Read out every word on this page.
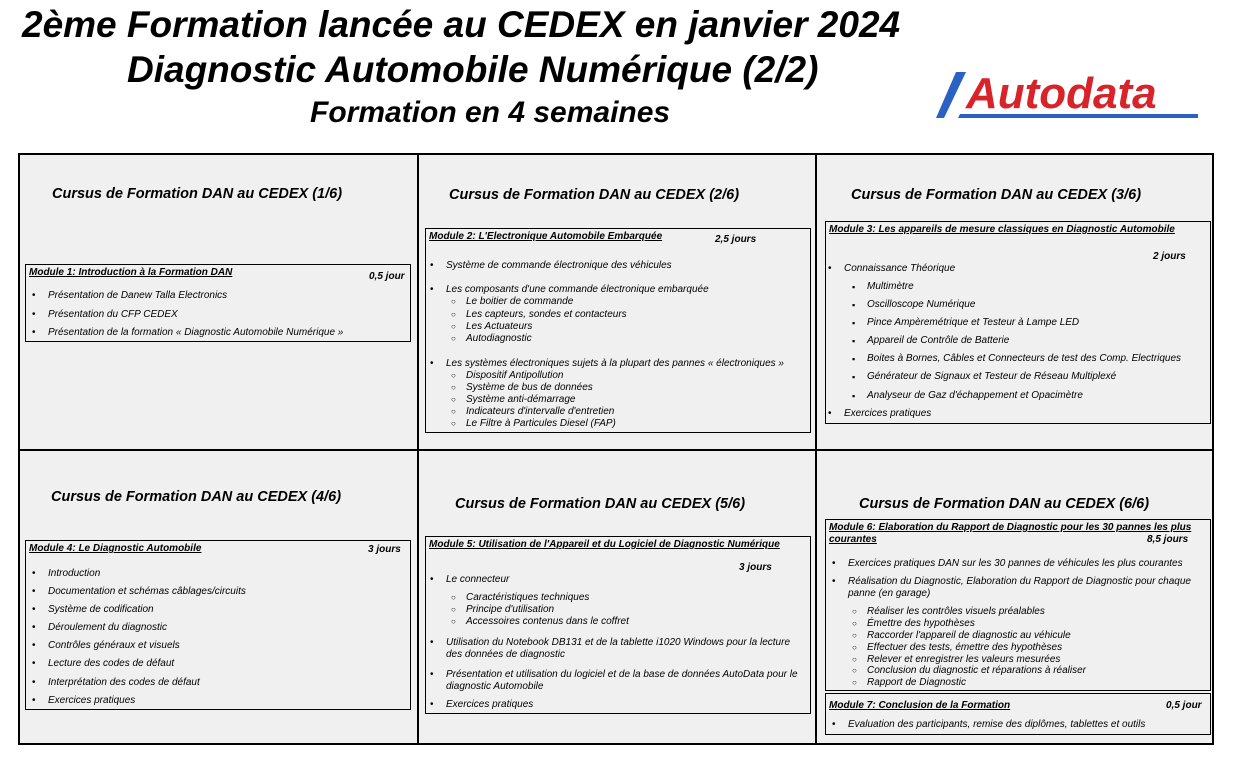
2ème Formation lancée au CEDEX en janvier 2024
Diagnostic Automobile Numérique (2/2)
Formation en 4 semaines	Autodata
Cursus de Formation DAN au CEDEX (1/6)
Module 1: Introduction à la Formation DAN	0,5 jour
• Présentation de Danew Talla Electronics
• Présentation du CFP CEDEX
• Présentation de la formation « Diagnostic Automobile Numérique »
Cursus de Formation DAN au CEDEX (2/6)
Module 2: L'Electronique Automobile Embarquée	2,5 jours
• Système de commande électronique des véhicules
• Les composants d'une commande électronique embarquée
○ Le boitier de commande
○ Les capteurs, sondes et contacteurs
○ Les Actuateurs
○ Autodiagnostic
• Les systèmes électroniques sujets à la plupart des pannes « électroniques »
○ Dispositif Antipollution
○ Système de bus de données
○ Système anti-démarrage
○ Indicateurs d'intervalle d'entretien
○ Le Filtre à Particules Diesel (FAP)
Cursus de Formation DAN au CEDEX (3/6)
Module 3: Les appareils de mesure classiques en Diagnostic Automobile
2 jours
• Connaissance Théorique
▪ Multimètre
▪ Oscilloscope Numérique
▪ Pince Ampèremétrique et Testeur à Lampe LED
▪ Appareil de Contrôle de Batterie
▪ Boites à Bornes, Câbles et Connecteurs de test des Comp. Electriques
▪ Générateur de Signaux et Testeur de Réseau Multiplexé
▪ Analyseur de Gaz d'échappement et Opacimètre
• Exercices pratiques
Cursus de Formation DAN au CEDEX (4/6)
Module 4: Le Diagnostic Automobile	3 jours
• Introduction
• Documentation et schémas câblages/circuits
• Système de codification
• Déroulement du diagnostic
• Contrôles généraux et visuels
• Lecture des codes de défaut
• Interprétation des codes de défaut
• Exercices pratiques
Cursus de Formation DAN au CEDEX (5/6)
Module 5: Utilisation de l'Appareil et du Logiciel de Diagnostic Numérique
3 jours
• Le connecteur
○ Caractéristiques techniques
○ Principe d'utilisation
○ Accessoires contenus dans le coffret
• Utilisation du Notebook DB131 et de la tablette i1020 Windows pour la lecture des données de diagnostic
• Présentation et utilisation du logiciel et de la base de données AutoData pour le diagnostic Automobile
• Exercices pratiques
Cursus de Formation DAN au CEDEX (6/6)
Module 6: Elaboration du Rapport de Diagnostic pour les 30 pannes les plus courantes	8,5 jours
• Exercices pratiques DAN sur les 30 pannes de véhicules les plus courantes
• Réalisation du Diagnostic, Elaboration du Rapport de Diagnostic pour chaque panne (en garage)
○ Réaliser les contrôles visuels préalables
○ Émettre des hypothèses
○ Raccorder l'appareil de diagnostic au véhicule
○ Effectuer des tests, émettre des hypothèses
○ Relever et enregistrer les valeurs mesurées
○ Conclusion du diagnostic et réparations à réaliser
○ Rapport de Diagnostic
Module 7: Conclusion de la Formation	0,5 jour
• Evaluation des participants, remise des diplômes, tablettes et outils
